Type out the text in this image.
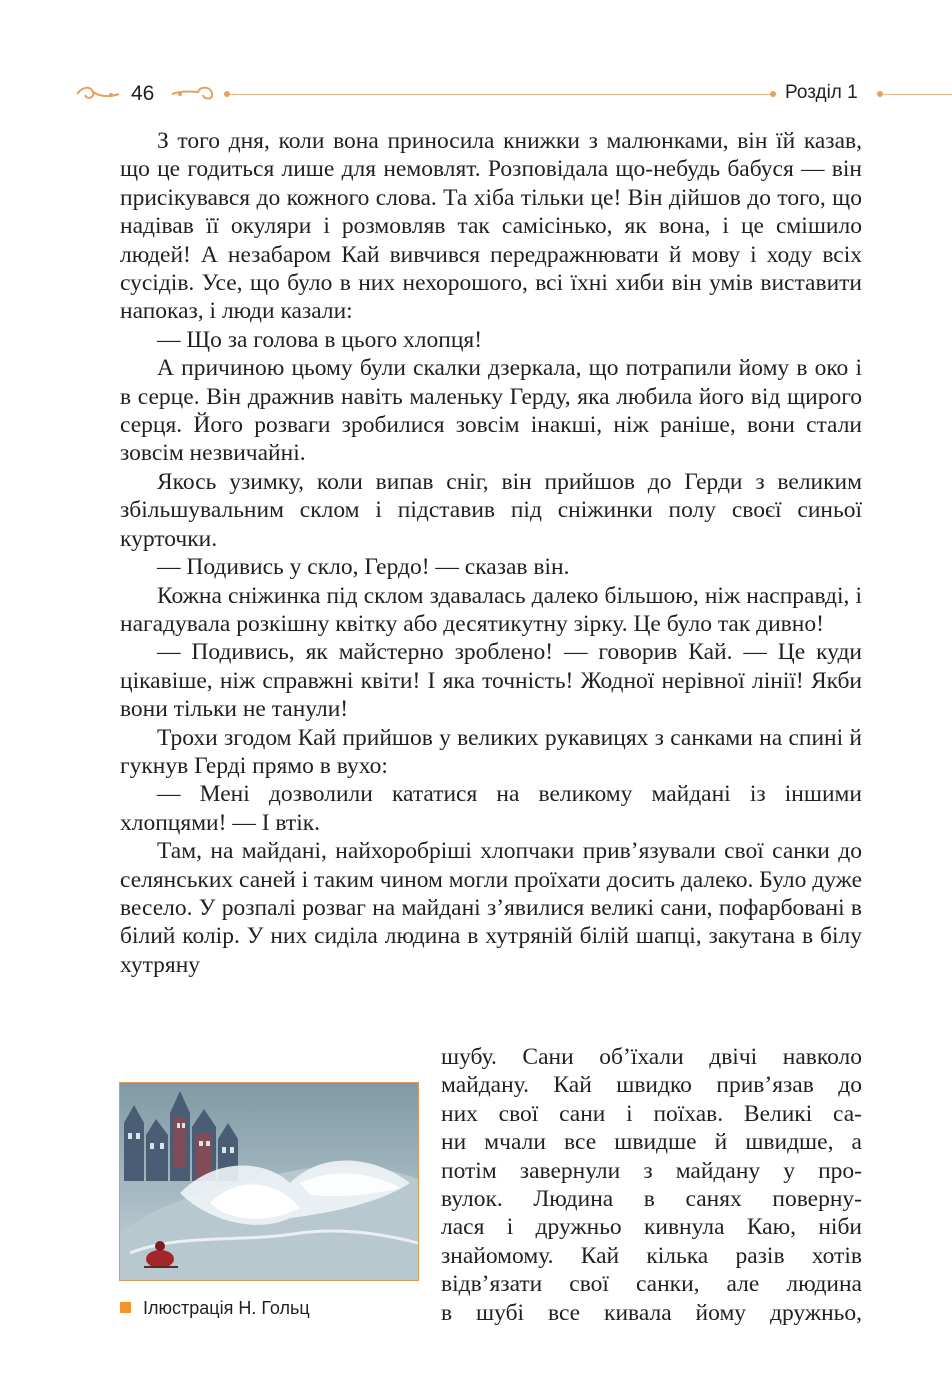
46	Розділ 1

З того дня, коли вона приносила книжки з малюнками, він їй казав, що це годиться лише для немовлят. Розповідала що-небудь бабуся — він присікувався до кожного слова. Та хіба тільки це! Він дійшов до того, що надівав її окуляри і розмовляв так самісінько, як вона, і це смішило людей! А незабаром Кай вивчився передражнювати й мову і ходу всіх сусідів. Усе, що було в них нехорошого, всі їхні хиби він умів виставити напоказ, і люди казали:

— Що за голова в цього хлопця!

А причиною цьому були скалки дзеркала, що потрапили йому в око і в серце. Він дражнив навіть маленьку Герду, яка любила його від щирого серця. Його розваги зробилися зовсім інакші, ніж раніше, вони стали зовсім незвичайні.

Якось узимку, коли випав сніг, він прийшов до Герди з великим збільшувальним склом і підставив під сніжинки полу своєї синьої курточки.

— Подивись у скло, Гердо! — сказав він.

Кожна сніжинка під склом здавалась далеко більшою, ніж насправді, і нагадувала розкішну квітку або десятикутну зірку. Це було так дивно!

— Подивись, як майстерно зроблено! — говорив Кай. — Це куди цікавіше, ніж справжні квіти! І яка точність! Жодної нерівної лінії! Якби вони тільки не танули!

Трохи згодом Кай прийшов у великих рукавицях з санками на спині й гукнув Герді прямо в вухо:

— Мені дозволили кататися на великому майдані із іншими хлопцями! — І втік.

Там, на майдані, найхоробріші хлопчаки прив’язували свої санки до селянських саней і таким чином могли проїхати досить далеко. Було дуже весело. У розпалі розваг на майдані з’явилися великі сани, пофарбовані в білий колір. У них сиділа людина в хутряній білій шапці, закутана в білу хутряну

шубу. Сани об’їхали двічі навколо
майдану. Кай швидко прив’язав до
них свої сани і поїхав. Великі са-
ни мчали все швидше й швидше, а
потім завернули з майдану у про-
вулок. Людина в санях поверну-
лася і дружньо кивнула Каю, ніби
знайомому. Кай кілька разів хотів
відв’язати свої санки, але людина
в шубі все кивала йому дружньо,
Ілюстрація Н. Гольц
